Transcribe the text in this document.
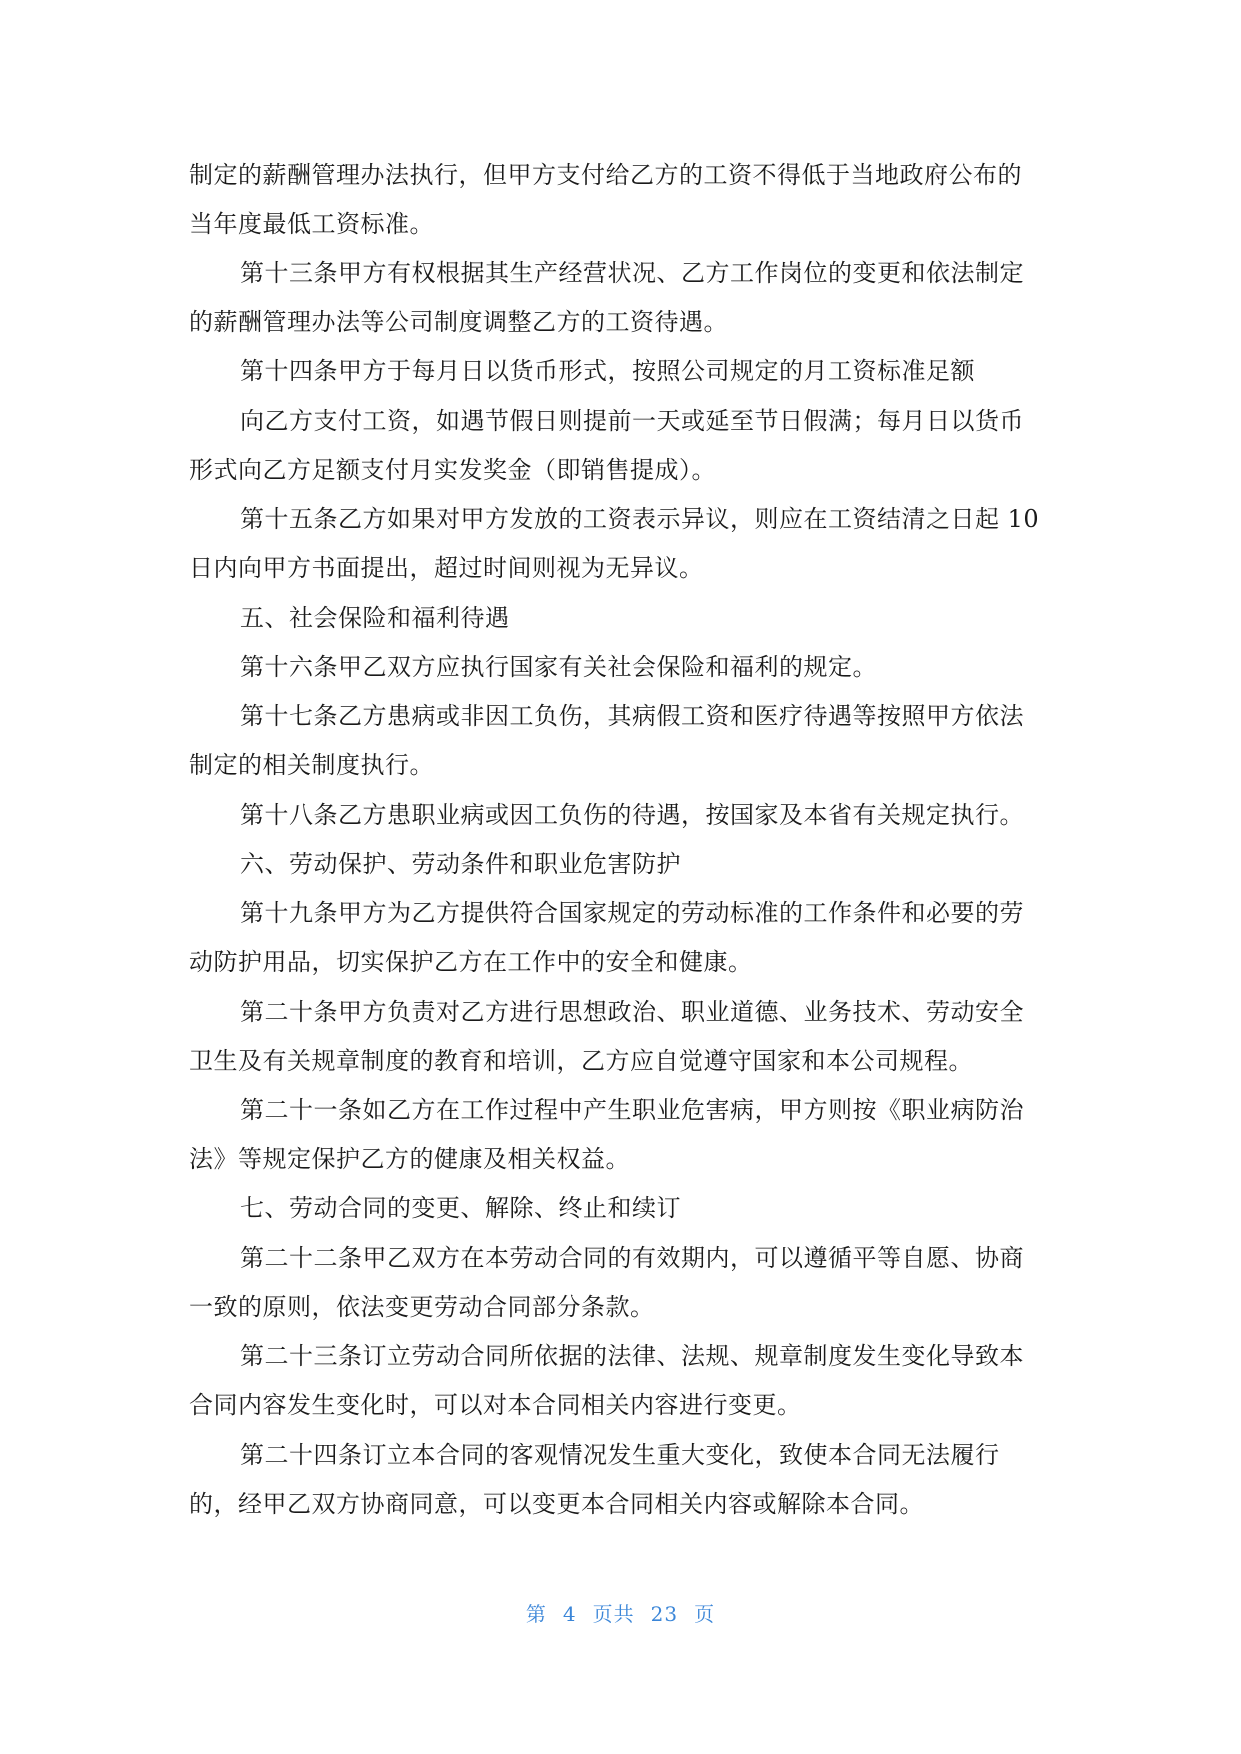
制定的薪酬管理办法执行，但甲方支付给乙方的工资不得低于当地政府公布的
当年度最低工资标准。
第十三条甲方有权根据其生产经营状况、乙方工作岗位的变更和依法制定
的薪酬管理办法等公司制度调整乙方的工资待遇。
第十四条甲方于每月日以货币形式，按照公司规定的月工资标准足额
向乙方支付工资，如遇节假日则提前一天或延至节日假满；每月日以货币
形式向乙方足额支付月实发奖金（即销售提成）。
第十五条乙方如果对甲方发放的工资表示异议，则应在工资结清之日起 10
日内向甲方书面提出，超过时间则视为无异议。
五、社会保险和福利待遇
第十六条甲乙双方应执行国家有关社会保险和福利的规定。
第十七条乙方患病或非因工负伤，其病假工资和医疗待遇等按照甲方依法
制定的相关制度执行。
第十八条乙方患职业病或因工负伤的待遇，按国家及本省有关规定执行。
六、劳动保护、劳动条件和职业危害防护
第十九条甲方为乙方提供符合国家规定的劳动标准的工作条件和必要的劳
动防护用品，切实保护乙方在工作中的安全和健康。
第二十条甲方负责对乙方进行思想政治、职业道德、业务技术、劳动安全
卫生及有关规章制度的教育和培训，乙方应自觉遵守国家和本公司规程。
第二十一条如乙方在工作过程中产生职业危害病，甲方则按《职业病防治
法》等规定保护乙方的健康及相关权益。
七、劳动合同的变更、解除、终止和续订
第二十二条甲乙双方在本劳动合同的有效期内，可以遵循平等自愿、协商
一致的原则，依法变更劳动合同部分条款。
第二十三条订立劳动合同所依据的法律、法规、规章制度发生变化导致本
合同内容发生变化时，可以对本合同相关内容进行变更。
第二十四条订立本合同的客观情况发生重大变化，致使本合同无法履行
的，经甲乙双方协商同意，可以变更本合同相关内容或解除本合同。
第 4 页共 23 页
